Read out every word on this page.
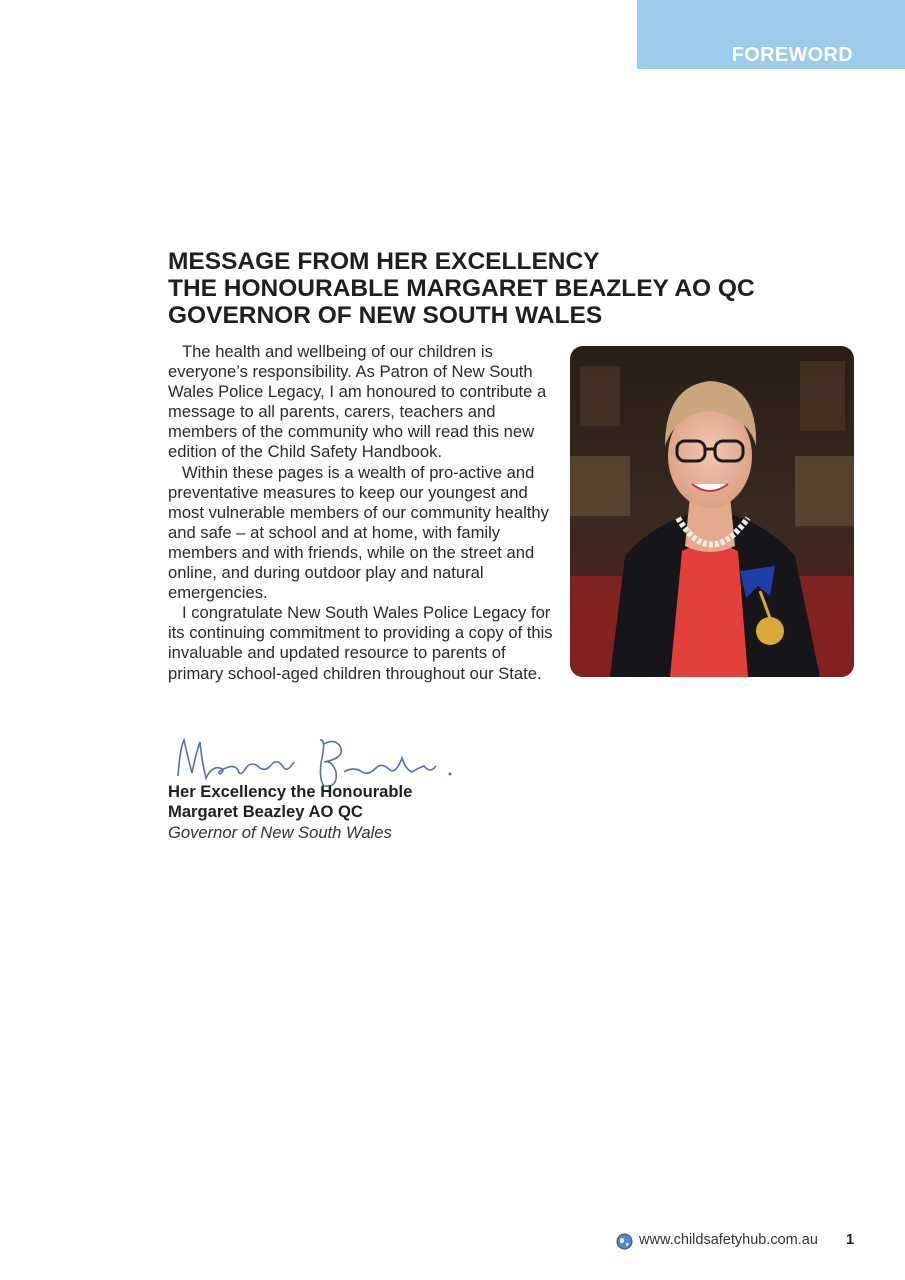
FOREWORD
MESSAGE FROM HER EXCELLENCY
THE HONOURABLE MARGARET BEAZLEY AO QC
GOVERNOR OF NEW SOUTH WALES

The health and wellbeing of our children is everyone’s responsibility. As Patron of New South Wales Police Legacy, I am honoured to contribute a message to all parents, carers, teachers and members of the community who will read this new edition of the Child Safety Handbook.

Within these pages is a wealth of pro-active and preventative measures to keep our youngest and most vulnerable members of our community healthy and safe – at school and at home, with family members and with friends, while on the street and online, and during outdoor play and natural emergencies.

I congratulate New South Wales Police Legacy for its continuing commitment to providing a copy of this invaluable and updated resource to parents of primary school-aged children throughout our State.

Her Excellency the Honourable
Margaret Beazley AO QC
Governor of New South Wales
www.childsafetyhub.com.au 1
